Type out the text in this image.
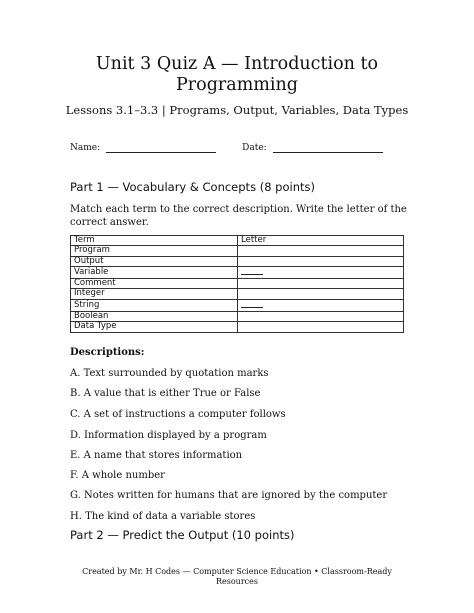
Unit 3 Quiz A — Introduction to Programming
Lessons 3.1–3.3 | Programs, Output, Variables, Data Types
Name:	Date:
Part 1 — Vocabulary & Concepts (8 points)
Match each term to the correct description. Write the letter of the correct answer.
Term	Letter
Program	
Output	
Variable	
Comment	
Integer	
String	
Boolean	
Data Type	
Descriptions:
A. Text surrounded by quotation marks
B. A value that is either True or False
C. A set of instructions a computer follows
D. Information displayed by a program
E. A name that stores information
F. A whole number
G. Notes written for humans that are ignored by the computer
H. The kind of data a variable stores
Part 2 — Predict the Output (10 points)
Created by Mr. H Codes — Computer Science Education • Classroom-Ready Resources
